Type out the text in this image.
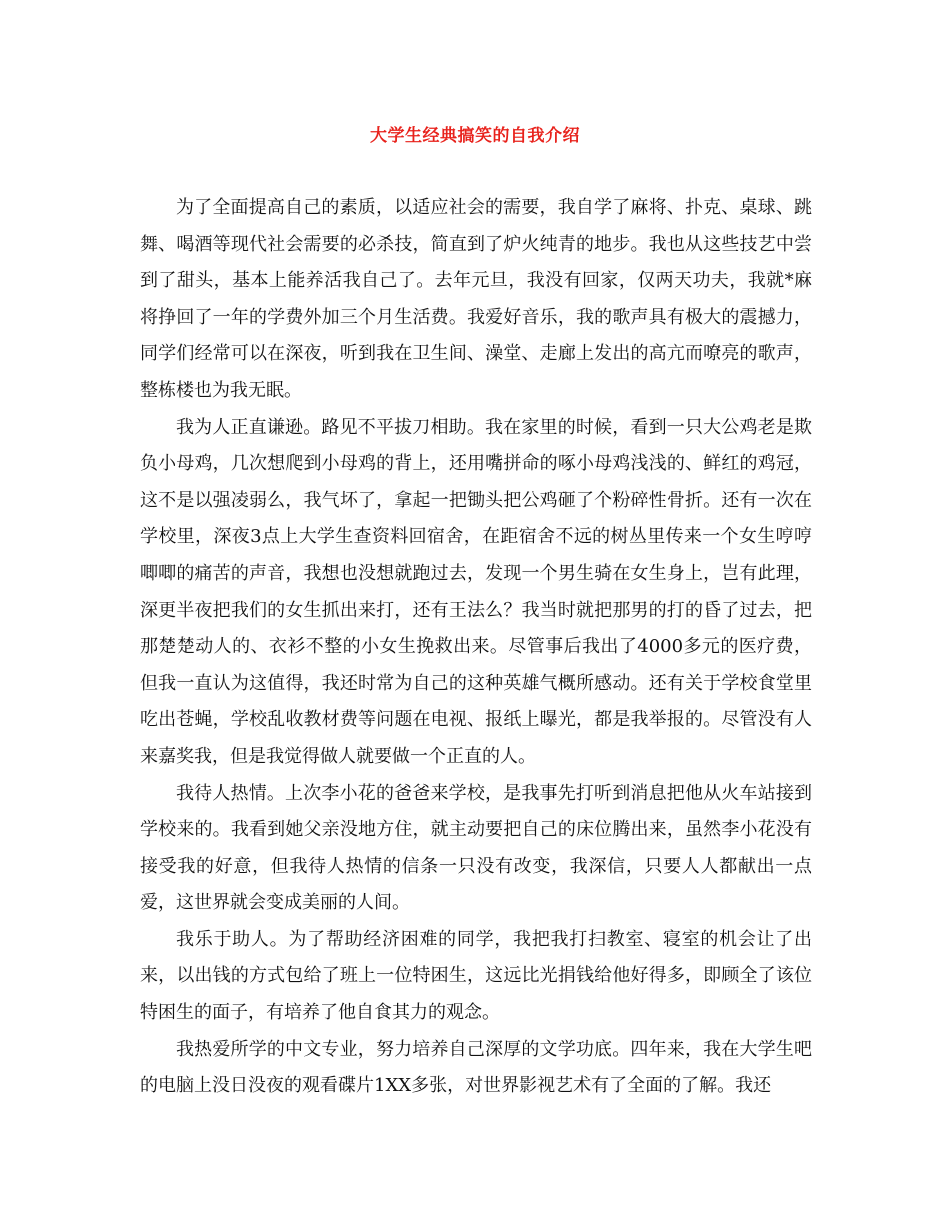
大学生经典搞笑的自我介绍

为了全面提高自己的素质，以适应社会的需要，我自学了麻将、扑克、桌球、跳舞、喝酒等现代社会需要的必杀技，简直到了炉火纯青的地步。我也从这些技艺中尝到了甜头，基本上能养活我自己了。去年元旦，我没有回家，仅两天功夫，我就*麻将挣回了一年的学费外加三个月生活费。我爱好音乐，我的歌声具有极大的震撼力，同学们经常可以在深夜，听到我在卫生间、澡堂、走廊上发出的高亢而嘹亮的歌声，整栋楼也为我无眠。

我为人正直谦逊。路见不平拔刀相助。我在家里的时候，看到一只大公鸡老是欺负小母鸡，几次想爬到小母鸡的背上，还用嘴拼命的啄小母鸡浅浅的、鲜红的鸡冠，这不是以强凌弱么，我气坏了，拿起一把锄头把公鸡砸了个粉碎性骨折。还有一次在学校里，深夜3点上大学生查资料回宿舍，在距宿舍不远的树丛里传来一个女生哼哼唧唧的痛苦的声音，我想也没想就跑过去，发现一个男生骑在女生身上，岂有此理，深更半夜把我们的女生抓出来打，还有王法么？我当时就把那男的打的昏了过去，把那楚楚动人的、衣衫不整的小女生挽救出来。尽管事后我出了4000多元的医疗费，但我一直认为这值得，我还时常为自己的这种英雄气概所感动。还有关于学校食堂里吃出苍蝇，学校乱收教材费等问题在电视、报纸上曝光，都是我举报的。尽管没有人来嘉奖我，但是我觉得做人就要做一个正直的人。

我待人热情。上次李小花的爸爸来学校，是我事先打听到消息把他从火车站接到学校来的。我看到她父亲没地方住，就主动要把自己的床位腾出来，虽然李小花没有接受我的好意，但我待人热情的信条一只没有改变，我深信，只要人人都献出一点爱，这世界就会变成美丽的人间。

我乐于助人。为了帮助经济困难的同学，我把我打扫教室、寝室的机会让了出来，以出钱的方式包给了班上一位特困生，这远比光捐钱给他好得多，即顾全了该位特困生的面子，有培养了他自食其力的观念。

我热爱所学的中文专业，努力培养自己深厚的文学功底。四年来，我在大学生吧的电脑上没日没夜的观看碟片1XX多张，对世界影视艺术有了全面的了解。我还
